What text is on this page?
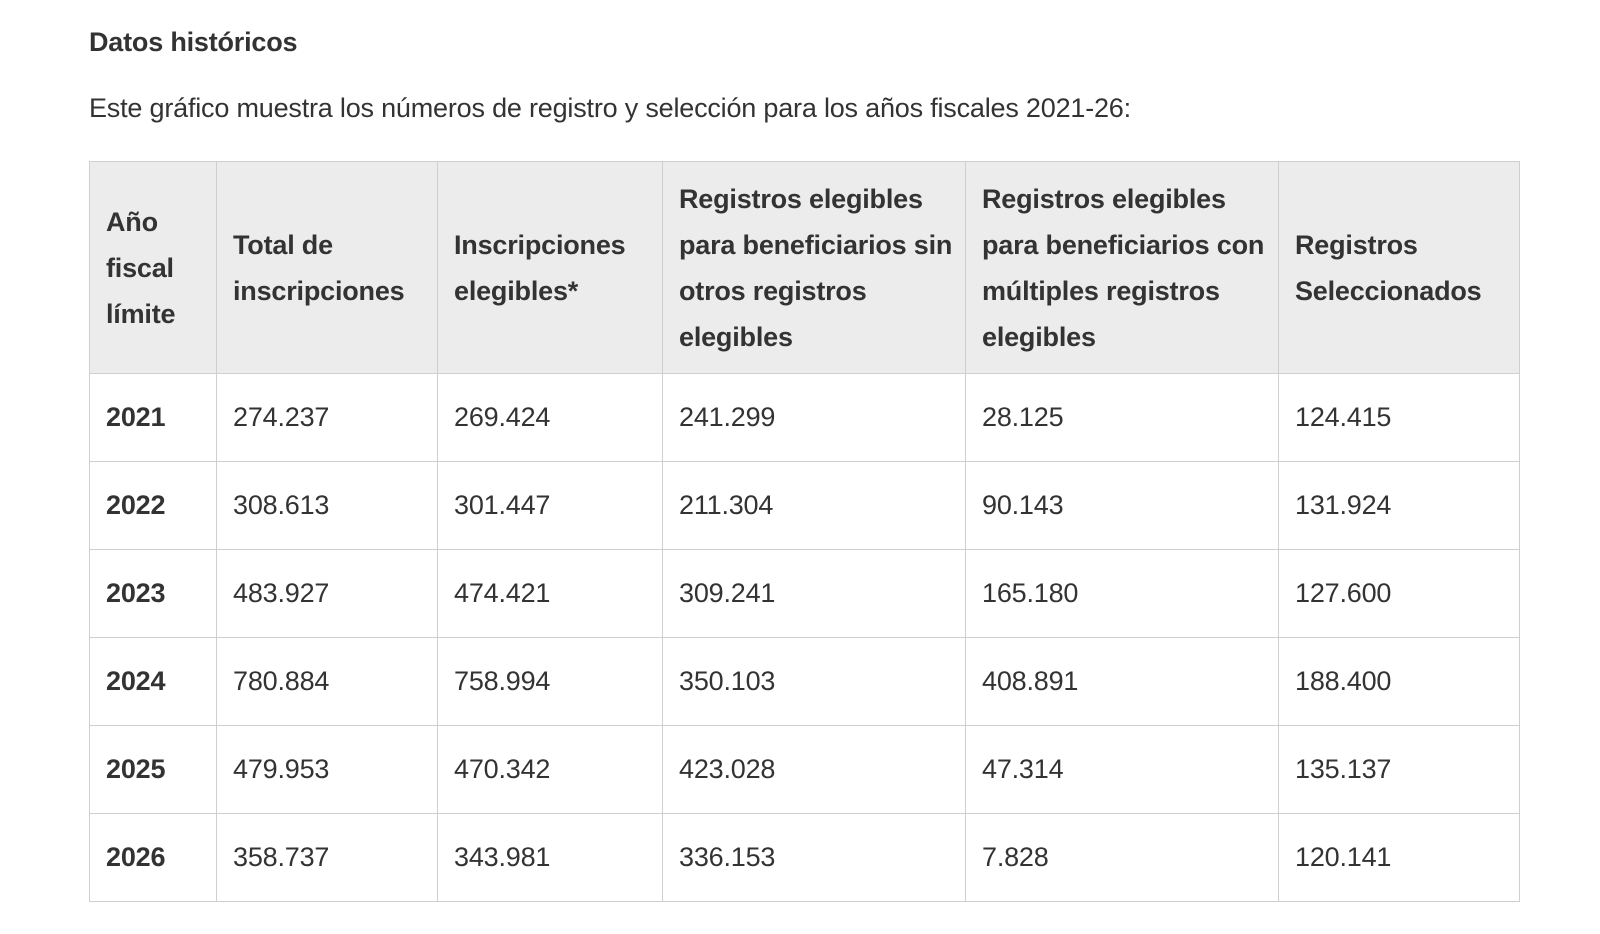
Datos históricos

Este gráfico muestra los números de registro y selección para los años fiscales 2021-26:

Año fiscal límite	Total de inscripciones	Inscripciones elegibles*	Registros elegibles para beneficiarios sin otros registros elegibles	Registros elegibles para beneficiarios con múltiples registros elegibles	Registros Seleccionados
2021	274.237	269.424	241.299	28.125	124.415
2022	308.613	301.447	211.304	90.143	131.924
2023	483.927	474.421	309.241	165.180	127.600
2024	780.884	758.994	350.103	408.891	188.400
2025	479.953	470.342	423.028	47.314	135.137
2026	358.737	343.981	336.153	7.828	120.141
